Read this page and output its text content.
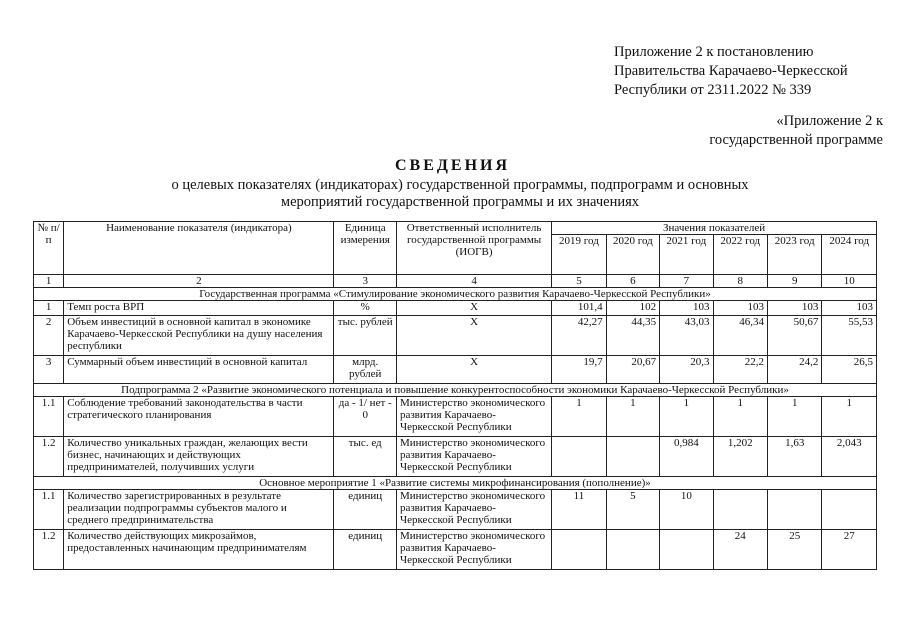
Приложение 2 к постановлению
Правительства Карачаево-Черкесской
Республики от 2311.2022 № 339
«Приложение 2 к
государственной программе
СВЕДЕНИЯ
о целевых показателях (индикаторах) государственной программы, подпрограмм и основных
мероприятий государственной программы и их значениях
№ п/п	Наименование показателя (индикатора)	Единица измерения	Ответственный исполнитель государственной программы (ИОГВ)	Значения показателей					
				2019 год	2020 год	2021 год	2022 год	2023 год	2024 год
1	2	3	4	5	6	7	8	9	10
Государственная программа «Стимулирование экономического развития Карачаево-Черкесской Республики»									
1	Темп роста ВРП	%	X	101,4	102	103	103	103	103
2	Объем инвестиций в основной капитал в экономике Карачаево-Черкесской Республики на душу населения республики	тыс. рублей	X	42,27	44,35	43,03	46,34	50,67	55,53
3	Суммарный объем инвестиций в основной капитал	млрд. рублей	X	19,7	20,67	20,3	22,2	24,2	26,5
Подпрограмма 2 «Развитие экономического потенциала и повышение конкурентоспособности экономики Карачаево-Черкесской Республики»									
1.1	Соблюдение требований законодательства в части стратегического планирования	да - 1/ нет - 0	Министерство экономического развития Карачаево-Черкесской Республики	1	1	1	1	1	1
1.2	Количество уникальных граждан, желающих вести бизнес, начинающих и действующих предпринимателей, получивших услуги	тыс. ед	Министерство экономического развития Карачаево-Черкесской Республики			0,984	1,202	1,63	2,043
Основное мероприятие 1 «Развитие системы микрофинансирования (пополнение)»									
1.1	Количество зарегистрированных в результате реализации подпрограммы субъектов малого и среднего предпринимательства	единиц	Министерство экономического развития Карачаево-Черкесской Республики	11	5	10			
1.2	Количество действующих микрозаймов, предоставленных начинающим предпринимателям	единиц	Министерство экономического развития Карачаево-Черкесской Республики				24	25	27
